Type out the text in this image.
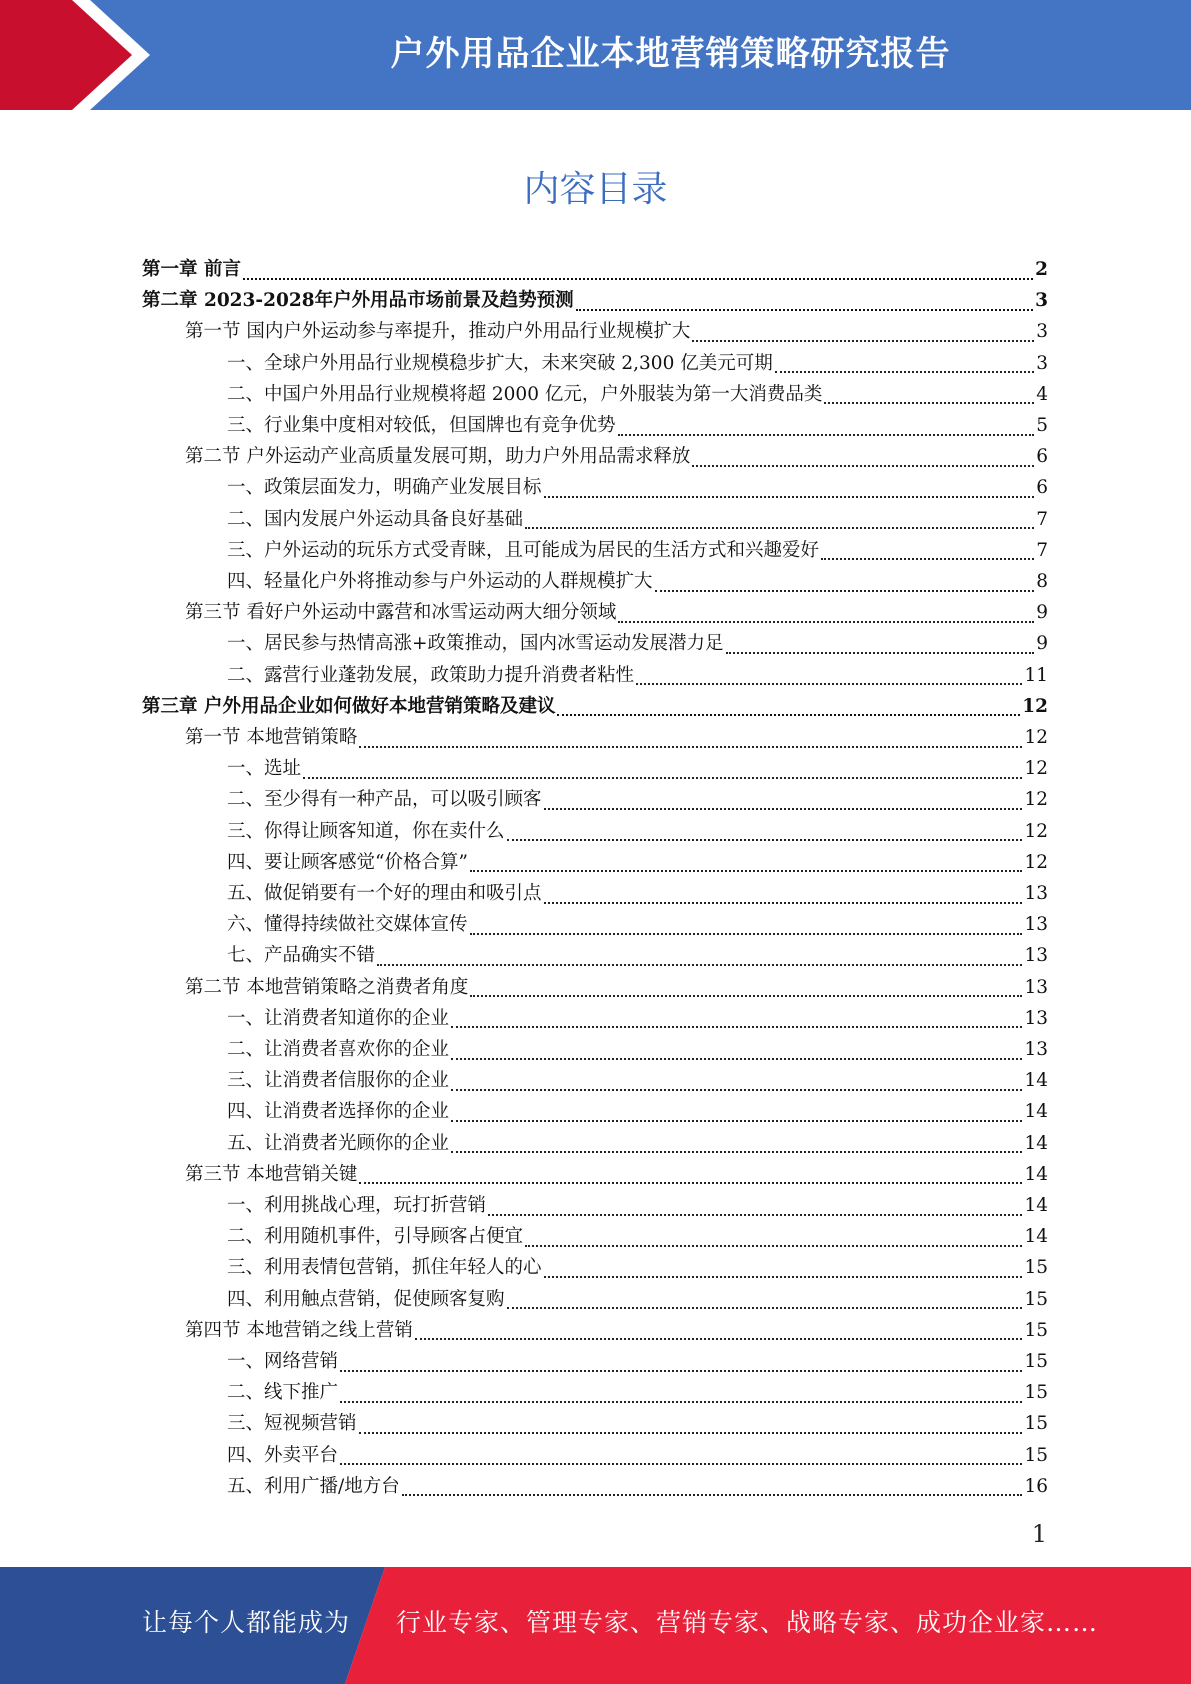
户外用品企业本地营销策略研究报告
内容目录
第一章 前言	2
第二章 2023-2028年户外用品市场前景及趋势预测	3
第一节 国内户外运动参与率提升，推动户外用品行业规模扩大	3
一、全球户外用品行业规模稳步扩大，未来突破 2,300 亿美元可期	3
二、中国户外用品行业规模将超 2000 亿元，户外服装为第一大消费品类	4
三、行业集中度相对较低，但国牌也有竞争优势	5
第二节 户外运动产业高质量发展可期，助力户外用品需求释放	6
一、政策层面发力，明确产业发展目标	6
二、国内发展户外运动具备良好基础	7
三、户外运动的玩乐方式受青睐，且可能成为居民的生活方式和兴趣爱好	7
四、轻量化户外将推动参与户外运动的人群规模扩大	8
第三节 看好户外运动中露营和冰雪运动两大细分领域	9
一、居民参与热情高涨+政策推动，国内冰雪运动发展潜力足	9
二、露营行业蓬勃发展，政策助力提升消费者粘性	11
第三章 户外用品企业如何做好本地营销策略及建议	12
第一节 本地营销策略	12
一、选址	12
二、至少得有一种产品，可以吸引顾客	12
三、你得让顾客知道，你在卖什么	12
四、要让顾客感觉“价格合算”	12
五、做促销要有一个好的理由和吸引点	13
六、懂得持续做社交媒体宣传	13
七、产品确实不错	13
第二节 本地营销策略之消费者角度	13
一、让消费者知道你的企业	13
二、让消费者喜欢你的企业	13
三、让消费者信服你的企业	14
四、让消费者选择你的企业	14
五、让消费者光顾你的企业	14
第三节 本地营销关键	14
一、利用挑战心理，玩打折营销	14
二、利用随机事件，引导顾客占便宜	14
三、利用表情包营销，抓住年轻人的心	15
四、利用触点营销，促使顾客复购	15
第四节 本地营销之线上营销	15
一、网络营销	15
二、线下推广	15
三、短视频营销	15
四、外卖平台	15
五、利用广播/地方台	16
1
让每个人都能成为 行业专家、管理专家、营销专家、战略专家、成功企业家……
